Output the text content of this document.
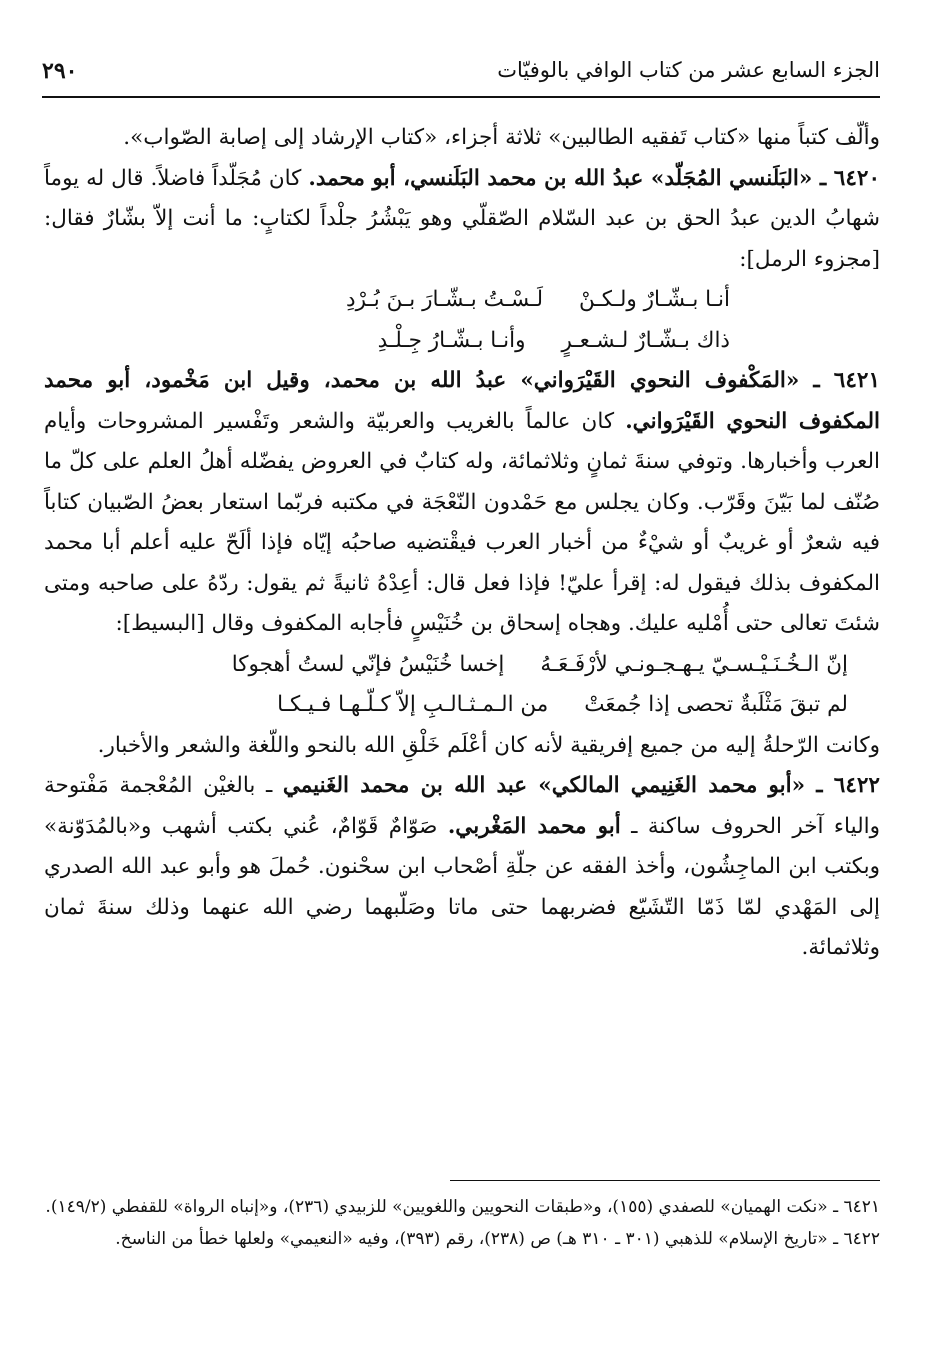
الجزء السابع عشر من كتاب الوافي بالوفيّات
٢٩٠

وألّف كتباً منها «كتاب تَفقيه الطالبين» ثلاثة أجزاء، «كتاب الإرشاد إلى إصابة الصّواب».

٦٤٢٠ ـ «البَلَنسي المُجَلّد» عبدُ الله بن محمد البَلَنسي، أبو محمد. كان مُجَلّداً فاضلاً. قال له يوماً شهابُ الدين عبدُ الحق بن عبد السّلام الصّقلّي وهو يَبْشُرُ جلْداً لكتابٍ: ما أنت إلاّ بشّارٌ فقال: [مجزوء الرمل]:

أنـا بـشّـارٌ ولـكـنْ
لَـسْـتُ بـشّـارَ بـنَ بُـرْدِ
ذاك بـشّـارٌ لـشـعـرٍ
وأنـا بـشّـارُ جِـلْـدِ

٦٤٢١ ـ «المَكْفوف النحوي القَيْرَواني» عبدُ الله بن محمد، وقيل ابن مَخْمود، أبو محمد المكفوف النحوي القَيْرَواني. كان عالماً بالغريب والعربيّة والشعر وتَفْسير المشروحات وأيام العرب وأخبارها. وتوفي سنةَ ثمانٍ وثلاثمائة، وله كتابٌ في العروض يفضّله أهلُ العلم على كلّ ما صُنّف لما بَيّنَ وقَرّب. وكان يجلس مع حَمْدون النّعْجَة في مكتبه فربّما استعار بعضُ الصّبيان كتاباً فيه شعرٌ أو غريبٌ أو شيْءٌ من أخبار العرب فيقْتضيه صاحبُه إيّاه فإذا ألَحّ عليه أعلم أبا محمد المكفوف بذلك فيقول له: إقرأ عليّ! فإذا فعل قال: أعِدْهُ ثانيةً ثم يقول: ردّهُ على صاحبه ومتى شئتَ تعالى حتى أُمْليه عليك. وهجاه إسحاق بن خُنَيْسٍ فأجابه المكفوف وقال [البسيط]:

إنّ الـخُـنَـيْـسـيّ يـهـجـونـي لأرْفَـعَـهُ
إخسا خُنَيْسُ فإنّي لستُ أهجوكا
لم تبقَ مَثْلَبةٌ تحصى إذا جُمعَتْ
من الـمـثـالـبِ إلاّ كـلّـهـا فـيـكـا

وكانت الرّحلةُ إليه من جميع إفريقية لأنه كان أعْلَم خَلْقِ الله بالنحو واللّغة والشعر والأخبار.

٦٤٢٢ ـ «أبو محمد الغَنِيمي المالكي» عبد الله بن محمد الغَنيمي ـ بالغيْن المُعْجمة مَفْتوحة والياء آخر الحروف ساكنة ـ أبو محمد المَغْربي. صَوّامٌ قَوّامٌ، عُني بكتب أشهب و«بالمُدَوّنة» وبكتب ابن الماجِشُون، وأخذ الفقه عن جلّةِ أصْحاب ابن سحْنون. حُملَ هو وأبو عبد الله الصدري إلى المَهْدي لمّا ذَمّا التّشَيّع فضربهما حتى ماتا وصَلّبهما رضي الله عنهما وذلك سنةَ ثمان وثلاثمائة.

٦٤٢١ ـ «نكت الهميان» للصفدي (١٥٥)، و«طبقات النحويين واللغويين» للزبيدي (٢٣٦)، و«إنباه الرواة» للقفطي (١٤٩/٢).

٦٤٢٢ ـ «تاريخ الإسلام» للذهبي (٣٠١ ـ ٣١٠ هـ) ص (٢٣٨)، رقم (٣٩٣)، وفيه «النعيمي» ولعلها خطأ من الناسخ.
